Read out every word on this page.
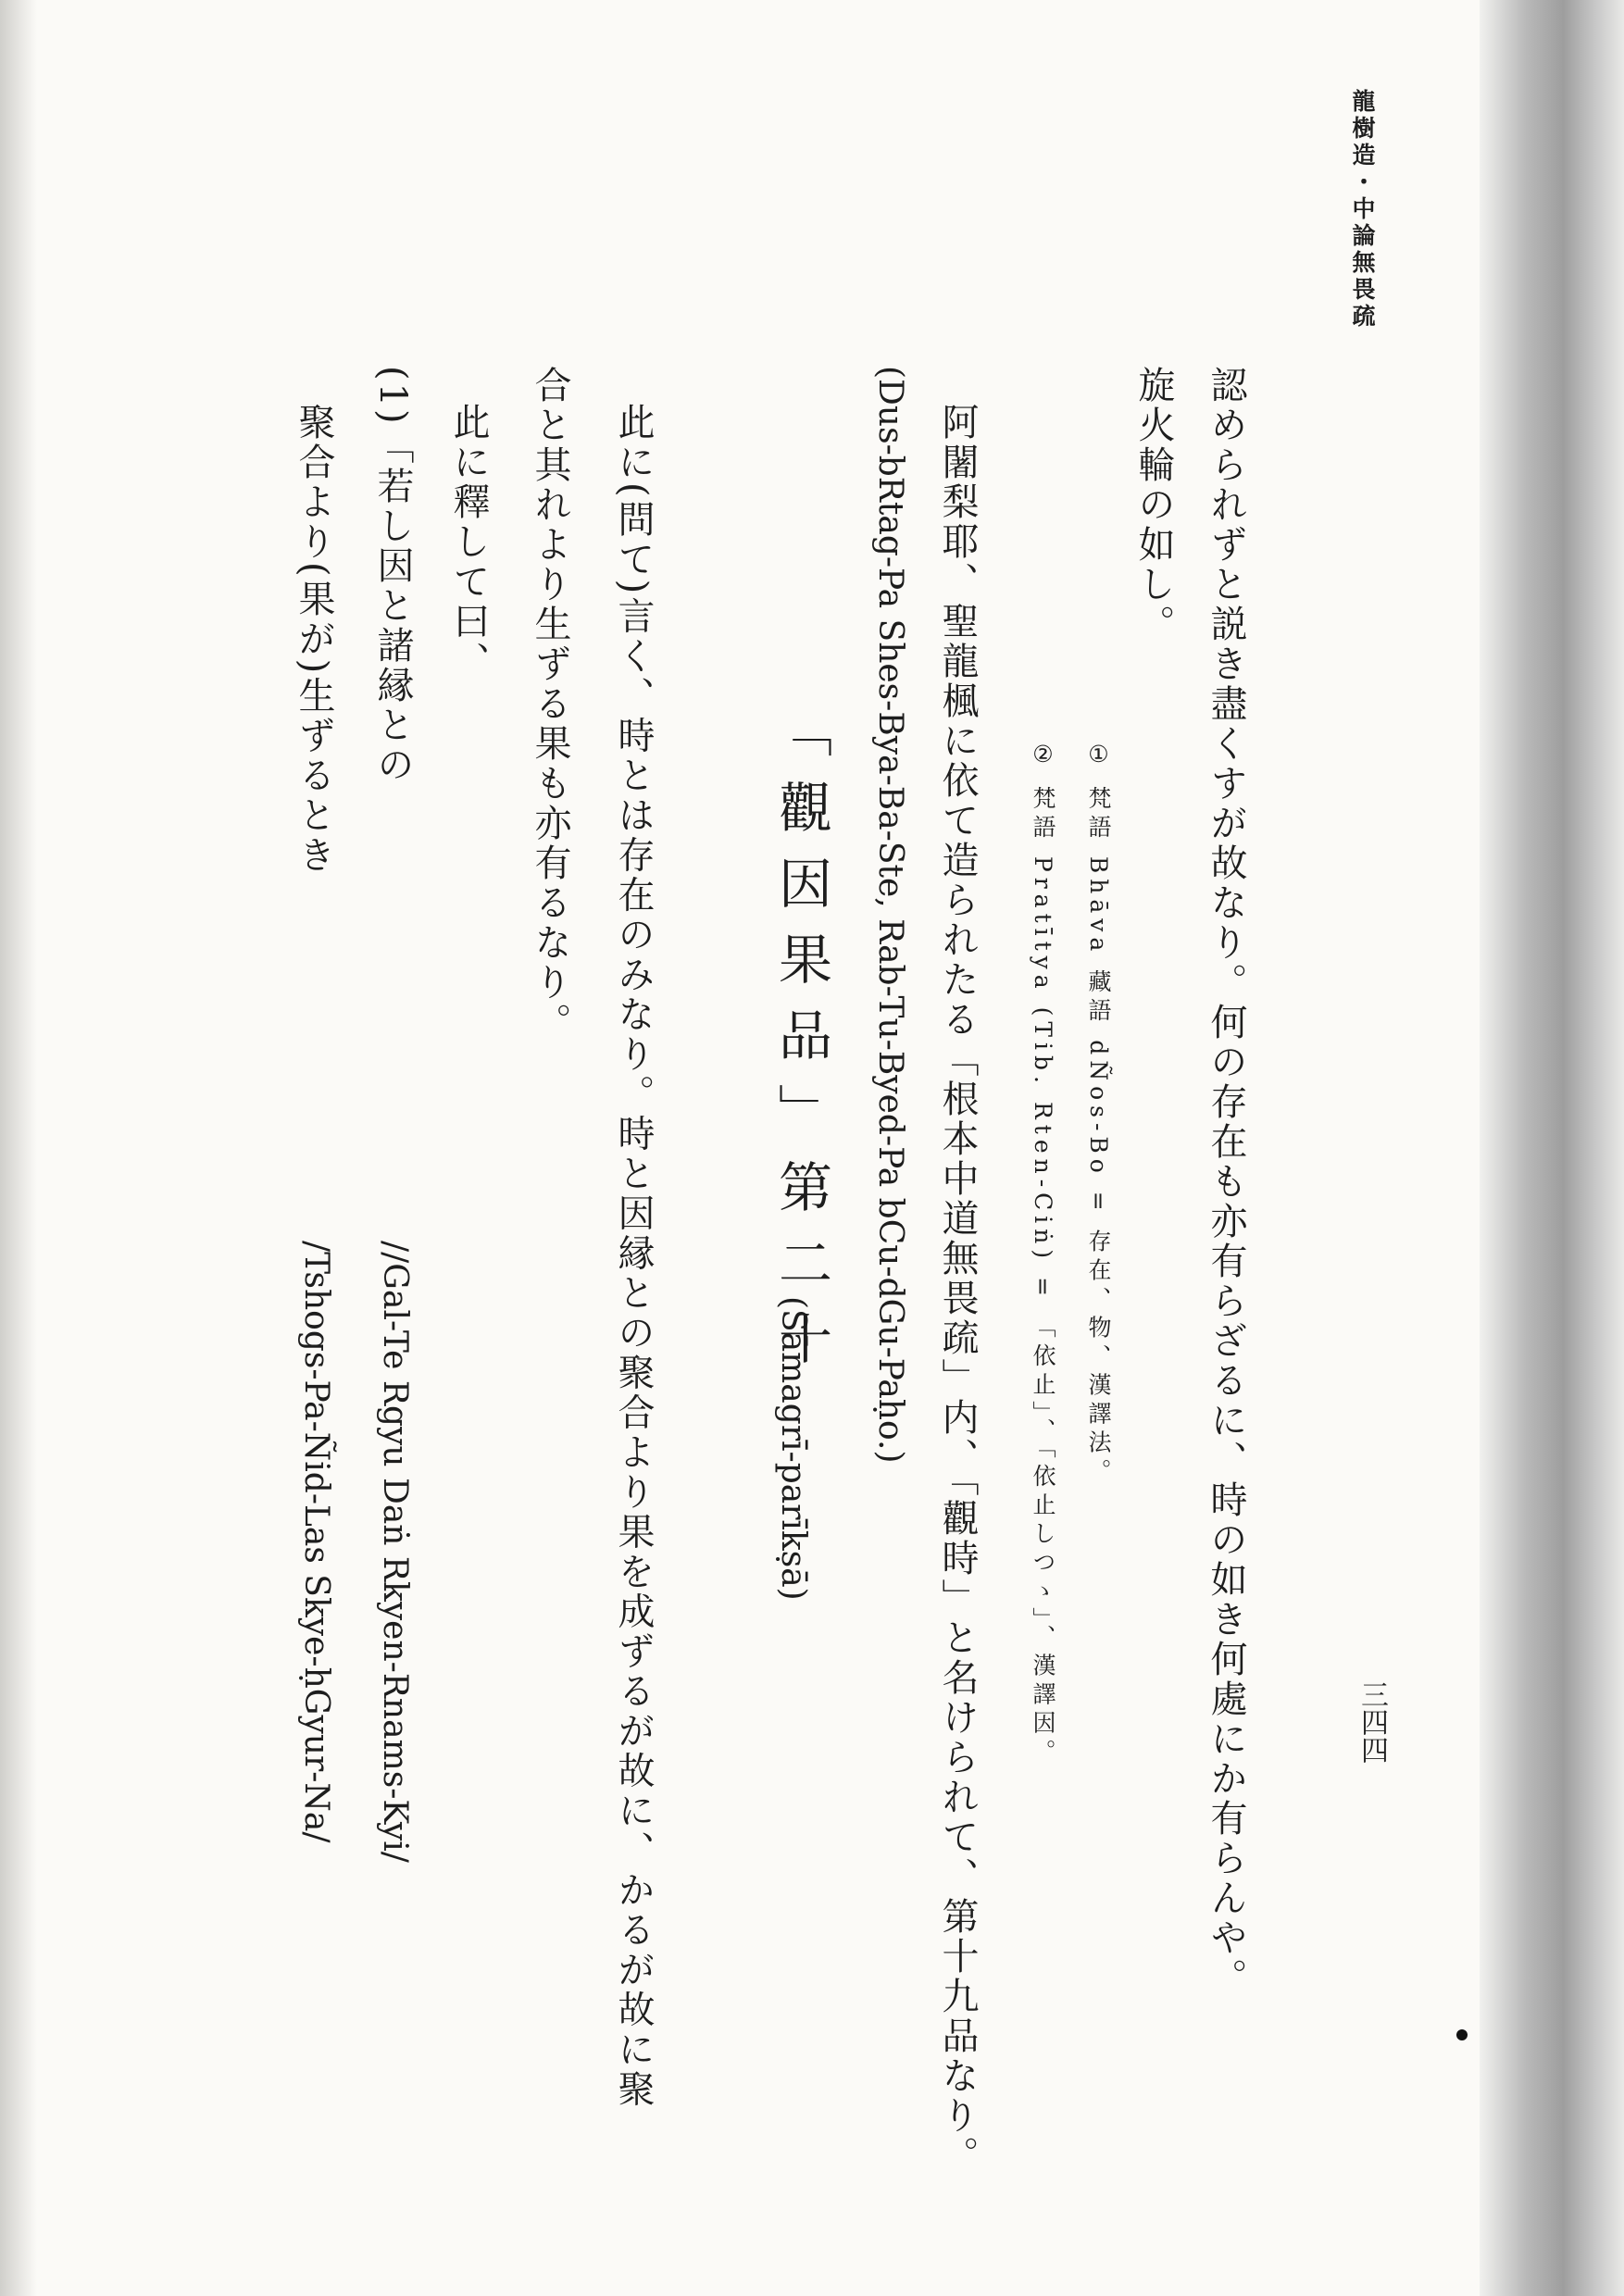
龍樹造・中論無畏疏
三四四
認められずと説き盡くすが故なり。何の存在も亦有らざるに、時の如き何處にか有らんや。
旋火輪の如し。
① 梵語 Bhāva 藏語 dÑos-Bo = 存在、物、漢譯法。
② 梵語 Pratītya (Tib. Rten-Ciṅ) = 「依止」、「依止しつゝ」、漢譯因。
阿闍梨耶、聖龍楓に依て造られたる「根本中道無畏疏」内、「觀時」と名けられて、第十九品なり。
(Dus-bRtag-Pa Shes-Bya-Ba-Ste, Rab-Tu-Byed-Pa bCu-dGu-Paḥo.)
「觀因果品」第二十
(Sāmagrī-parīkṣā)
此に(問て)言く、時とは存在のみなり。時と因縁との聚合より果を成ずるが故に、かるが故に聚
合と其れより生ずる果も亦有るなり。
此に釋して曰、
(1)「若し因と諸縁との
聚合より(果が)生ずるとき
//Gal-Te Rgyu Daṅ Rkyen-Rnams-Kyi/
/Tshogs-Pa-Ñid-Las Skye-ḥGyur-Na/
